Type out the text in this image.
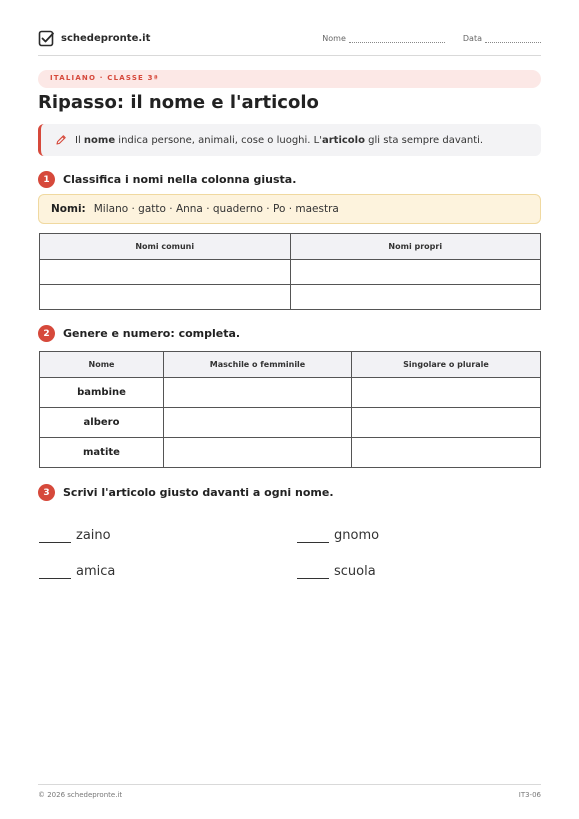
schedepronte.it	Nome	Data
ITALIANO · CLASSE 3ª
Ripasso: il nome e l'articolo
Il nome indica persone, animali, cose o luoghi. L'articolo gli sta sempre davanti.
1	Classifica i nomi nella colonna giusta.
Nomi: Milano · gatto · Anna · quaderno · Po · maestra
Nomi comuni	Nomi propri

2	Genere e numero: completa.
Nome	Maschile o femminile	Singolare o plurale
bambine		
albero		
matite		
3	Scrivi l'articolo giusto davanti a ogni nome.
zaino	gnomo
amica	scuola
© 2026 schedepronte.it	IT3-06
